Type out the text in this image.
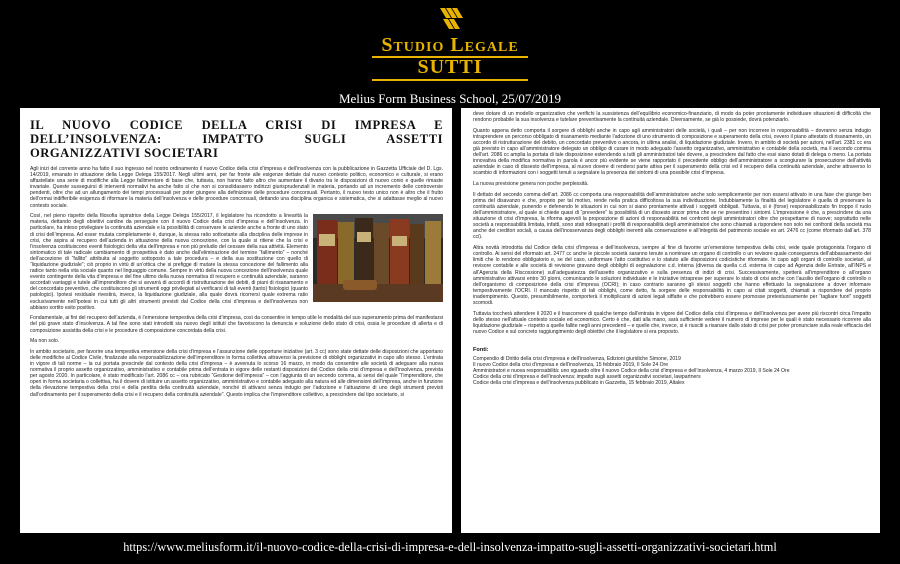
Studio Legale
SUTTI
Melius Form Business School, 25/07/2019
IL NUOVO CODICE DELLA CRISI DI IMPRESA E DELL’INSOLVENZA: IMPATTO SUGLI ASSETTI ORGANIZZATIVI SOCIETARI

Agli inizi del corrente anno ha fatto il suo ingresso nel nostro ordinamento il nuovo Codice della crisi d’impresa e dell’insolvenza con la pubblicazione in Gazzetta Ufficiale del D. Lgs. 14/2019, emanato in attuazione della Legge Delega 155/2017. Negli ultimi anni, per far fronte alle esigenze dettate dal nuovo contesto politico, economico e culturale, si erano affastellate una serie di modifiche alla Legge fallimentare di base che, tuttavia, non hanno fatto altro che aumentare il divario tra le disposizioni di nuovo conio e quelle rimaste invariate. Queste susseguirsi di interventi normativi ha anche fatto sì che non si consolidassero indirizzi giurisprudenziali in materia, portando ad un incremento delle controversie pendenti, oltre che ad un allungamento dei tempi processuali per poter giungere alla definizione delle procedure concorsuali. Pertanto, il nuovo testo unico non è altro che il frutto dell’ormai indifferibile esigenza di riformare la materia dell’insolvenza e delle procedure concorsuali, dettando una disciplina organica e sistematica, che si adattasse meglio al nuovo contesto sociale.

Così, nel pieno rispetto della filosofia ispiratrice della Legge Delega 155/2017, il legislatore ha ricondotto a linearità la materia, dettando degli obiettivi cardine da perseguire con il nuovo Codice della crisi d’impresa e dell’insolvenza. In particolare, ha inteso privilegiare la continuità aziendale e la possibilità di conservare le aziende anche a fronte di uno stato di crisi dell’impresa. Ad esser mutata completamente è, dunque, la stessa ratio sottostante alla disciplina delle imprese in crisi, che aspira al recupero dell’azienda in attuazione della nuova concezione, con la quale si ritiene che la crisi e l’insolvenza costituiscono eventi fisiologici della vita dell’impresa e non più preludio del cessare della sua attività. Elemento sintomatico di tale radicale cambiamento di prospettiva è dato anche dall’eliminazione del termine “fallimento” – nonché dell’accezione di “fallito” attribuita al soggetto sottoposto a tale procedura – e della sua sostituzione con quello di “liquidazione giudiziale”; ciò proprio in virtù di un’ottica che si prefigge di mutare la stessa concezione del fallimento alla radice tanto nella vita sociale quanto nel linguaggio comune. Sempre in virtù della nuova concezione dell’insolvenza quale evento contingente della vita d’impresa e del fine ultimo della nuova normativa di recupero e continuità aziendale, saranno accordati vantaggi e tutele all’imprenditore che si avvarrà di accordi di ristrutturazione dei debiti, di piani di risanamento e del concordato preventivo, che costituiscono gli strumenti oggi privilegiati al verificarsi di tali eventi (tanto) fisiologici (quanto patologici). Ipotesi residuale rivestirà, invece, la liquidazione giudiziale, alla quale dovrà ricorrersi quale extrema ratio esclusivamente nell’ipotesi in cui tutti gli altri strumenti previsti dal Codice della crisi d’impresa e dell’insolvenza non abbiano sortito esito positivo.

Fondamentale, ai fini del recupero dell’azienda, è l’emersione tempestiva della crisi d’impresa, così da consentire in tempo utile le modalità del suo superamento prima del manifestarsi del più grave stato d’insolvenza. A tal fine sono stati introdotti sia nuovo degli istituti che favoriscono la denuncia e soluzione dello stato di crisi, ossia le procedure di allerta e di composizione assistita della crisi e le procedure di composizione concordata della crisi.

Ma non solo.

In ambito societario, per favorire una tempestiva emersione della crisi d’impresa e l’assunzione delle opportune iniziative (art. 3 cc) sono state dettate delle disposizioni che apportano delle modifiche al Codice Civile, finalizzate alla responsabilizzazione dell’imprenditore in forma collettiva attraverso la previsione di obblighi organizzativi in capo allo stesso. L’entrata in vigore di tali norme – la cui portata prescinde dal contesto della crisi d’impresa – è avvenuta lo scorso 16 marzo, in modo da consentire alle società di adeguare alla nuova normativa il proprio assetto organizzativo, amministrativo e contabile prima dell’entrata in vigore delle restanti disposizioni del Codice della crisi d’impresa e dell’insolvenza, prevista per agosto 2020. In particolare, è stato modificato l’art. 2086 cc – ora rubricato “Gestione dell’impresa” – con l’aggiunta di un secondo comma, ai sensi del quale “l’imprenditore, che operi in forma societaria o collettiva, ha il dovere di istituire un assetto organizzativo, amministrativo e contabile adeguato alla natura ed alle dimensioni dell’impresa, anche in funzione della rilevazione tempestiva della crisi e della perdita della continuità aziendale, nonché di attivarsi senza indugio per l’adozione e l’attuazione di uno degli strumenti previsti dall’ordinamento per il superamento della crisi e il recupero della continuità aziendale”. Questo implica che l’imprenditore collettivo, a prescindere dal tipo societario, si

deve dotare di un modello organizzativo che verifichi la sussistenza dell’equilibrio economico-finanziario, di modo da poter prontamente individuare situazioni di difficoltà che rendono probabile la sua insolvenza e tutelare preventivamente la continuità aziendale. Diversamente, se già lo possiede, dovrà potenziarlo.

Quanto appena detto comporta il sorgere di obblighi anche in capo agli amministratori delle società, i quali – per non incorrere in responsabilità – dovranno senza indugio intraprendere un percorso obbligato di risanamento mediante l’adozione di uno strumento di composizione e superamento della crisi, ovvero il piano attestato di risanamento, un accordo di ristrutturazione del debito, un concordato preventivo o ancora, in ultima analisi, di liquidazione giudiziale. Invero, in ambito di società per azioni, nell’art. 2381 cc era già previsto in capo all’amministratore delegato un obbligo di curare in modo adeguato l’assetto organizzativo, amministrativo e contabile della società, ma il secondo comma dell’art. 2086 cc amplia la portata di tale disposizione estendendo a tutti gli amministratori tale dovere, a prescindere dal fatto che essi siano dotati di delega o meno. La portata innovativa della modifica normativa in parola è ancor più evidente se viene rapportato il precedente obbligo dell’amministratore a scongiurare la prosecuzione dell’attività aziendale in caso di dissesto dell’impresa, al nuovo dovere di rendersi parte attiva per il superamento della crisi ed il recupero della continuità aziendale, anche attraverso lo scambio di informazioni con i soggetti tenuti a segnalare la presenza dei sintomi di una possibile crisi d’impresa.

La nuova previsione genera non poche perplessità.

Il dettato del secondo comma dell’art. 2086 cc comporta una responsabilità dell’amministratore anche solo semplicemente per non essersi attivato in una fase che giunge ben prima del disavanzo e che, proprio per tal motivo, rende nella pratica difficoltosa la sua individuazione. Indubbiamente la finalità del legislatore è quella di preservare la continuità aziendale, punendo e defenendo le situazioni in cui non si siano prontamente attivati i soggetti obbligati. Tuttavia, si è (forse) responsabilizzato fin troppo il ruolo dell’amministratore, al quale si chiede quasi di “prevedere” la possibilità di un dissesto ancor prima che se ne presentino i sintomi. L’impressione è che, a prescindere da una situazione di crisi d’impresa, la riforma agevoli la proposizione di azioni di responsabilità nei confronti degli amministratori oltre che prospettarne di nuove; soprattutto nelle società a responsabilità limitata, infatti, sono stati ridisegnati i profili di responsabilità degli amministratori che sono chiamati a rispondere non solo nei confronti della società ma anche dei creditori sociali, a causa dell’inosservanza degli obblighi inerenti alla conservazione e all’integrità del patrimonio sociale ex art. 2476 cc (come riformato dall’art. 378 cci).

Altra novità introdotta dal Codice della crisi d’impresa e dell’insolvenza, sempre al fine di favorire un’emersione tempestiva della crisi, vede quale protagonista l’organo di controllo. Ai sensi del riformato art. 2477 cc anche le piccole società saranno tenute a nominare un organo di controllo o un revisore quale conseguenza dell’abbassamento dei limiti che lo rendono obbligatorio e, se del caso, uniformare l’atto costitutivo e lo statuto alle disposizioni codicistiche riformate. In capo agli organi di controllo societari, al revisore contabile e alle società di revisione gravano degli obblighi di segnalazione c.d. interna (diversa da quella c.d. esterna in capo ad Agenzia delle Entrate, all’INPS e all’Agenzia della Riscossione) sull’adeguatezza dell’assetto organizzativo e sulla presenza di indizi di crisi. Successivamente, spetterà all’imprenditore o all’organo amministrativo attivarsi entro 30 giorni, comunicando le soluzioni individuate e le iniziative intraprese per superare lo stato di crisi anche con l’ausilio dell’organo di controllo o dell’organismo di composizione della crisi d’impresa (OCRI); in caso contrario saranno gli stessi soggetti che hanno effettuato la segnalazione a dover informare tempestivamente l’OCRI. Il mancato rispetto di tali obblighi, come detto, fa sorgere delle responsabilità in capo ai citati soggetti, chiamati a rispondere del proprio inadempimento. Questo, presumibilmente, comporterà il moltiplicarsi di azioni legali siffatte e che potrebbero essere promosse pretestuosamente per “tagliare fuori” soggetti scomodi.

Tuttavia toccherà attendere il 2020 e il trascorrere di qualche tempo dall’entrata in vigore del Codice della crisi d’impresa e dell’insolvenza per avere più riscontri circa l’impatto dello stesso nell’attuale contesto sociale ed economico. Certo è che, dati alla mano, sarà sufficiente vedere il numero di imprese per le quali è stato necessario ricorrere alla liquidazione giudiziale – rispetto a quelle fallite negli anni precedenti – e quelle che, invece, si è riusciti a risanare dallo stato di crisi per poter pronunciare sulla reale efficacia del nuovo Codice e sul concreto raggiungimento degli obiettivi che il legislatore si era proposto.

Fonti:

Compendio di Diritto della crisi d’impresa e dell’insolvenza, Edizioni giuridiche Simone, 2019

Il nuovo Codice della crisi d’impresa e dell’insolvenza, 15 febbraio 2019, Il Sole 24 Ore

Amministratori e nuova responsabilità: uno sguardo oltre il nuovo Codice della crisi d’impresa e dell’insolvenza, 4 marzo 2019, Il Sole 24 Ore

Codice della crisi d’impresa e dell’insolvenza: impatto sugli assetti organizzativi societari, lawpartners

Codice della crisi d’impresa e dell’insolvenza pubblicato in Gazzetta, 15 febbraio 2019, Altalex

https://www.meliusform.it/il-nuovo-codice-della-crisi-di-impresa-e-dell-insolvenza-impatto-sugli-assetti-organizzativi-societari.html
